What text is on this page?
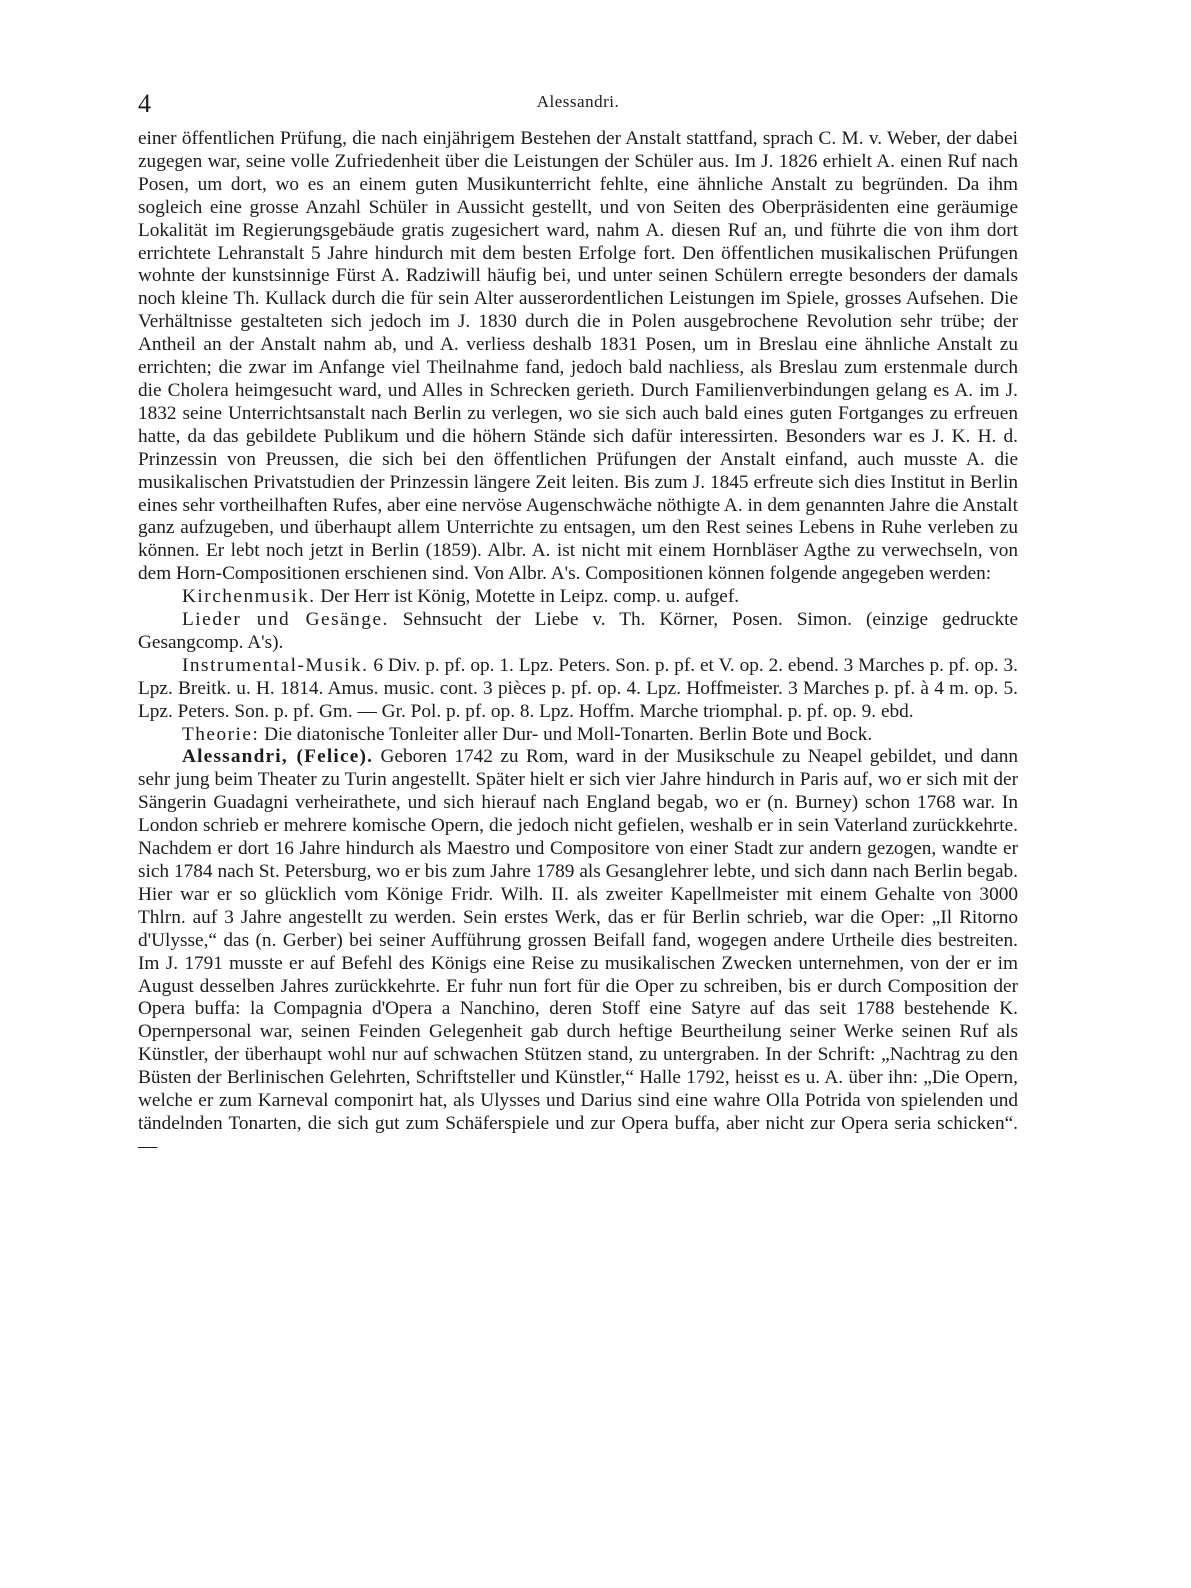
4	Alessandri.

einer öffentlichen Prüfung, die nach einjährigem Bestehen der Anstalt stattfand, sprach C. M. v. Weber, der dabei zugegen war, seine volle Zufriedenheit über die Leistungen der Schüler aus. Im J. 1826 erhielt A. einen Ruf nach Posen, um dort, wo es an einem guten Musikunterricht fehlte, eine ähnliche Anstalt zu begründen. Da ihm sogleich eine grosse Anzahl Schüler in Aussicht gestellt, und von Seiten des Oberpräsidenten eine geräumige Lokalität im Regierungsgebäude gratis zugesichert ward, nahm A. diesen Ruf an, und führte die von ihm dort errichtete Lehranstalt 5 Jahre hindurch mit dem besten Erfolge fort. Den öffentlichen musikalischen Prüfungen wohnte der kunstsinnige Fürst A. Radziwill häufig bei, und unter seinen Schülern erregte besonders der damals noch kleine Th. Kullack durch die für sein Alter ausserordentlichen Leistungen im Spiele, grosses Aufsehen. Die Verhältnisse gestalteten sich jedoch im J. 1830 durch die in Polen ausgebrochene Revolution sehr trübe; der Antheil an der Anstalt nahm ab, und A. verliess deshalb 1831 Posen, um in Breslau eine ähnliche Anstalt zu errichten; die zwar im Anfange viel Theilnahme fand, jedoch bald nachliess, als Breslau zum erstenmale durch die Cholera heimgesucht ward, und Alles in Schrecken gerieth. Durch Familienverbindungen gelang es A. im J. 1832 seine Unterrichtsanstalt nach Berlin zu verlegen, wo sie sich auch bald eines guten Fortganges zu erfreuen hatte, da das gebildete Publikum und die höhern Stände sich dafür interessirten. Besonders war es J. K. H. d. Prinzessin von Preussen, die sich bei den öffentlichen Prüfungen der Anstalt einfand, auch musste A. die musikalischen Privatstudien der Prinzessin längere Zeit leiten. Bis zum J. 1845 erfreute sich dies Institut in Berlin eines sehr vortheilhaften Rufes, aber eine nervöse Augenschwäche nöthigte A. in dem genannten Jahre die Anstalt ganz aufzugeben, und überhaupt allem Unterrichte zu entsagen, um den Rest seines Lebens in Ruhe verleben zu können. Er lebt noch jetzt in Berlin (1859). Albr. A. ist nicht mit einem Hornbläser Agthe zu verwechseln, von dem Horn-Compositionen erschienen sind. Von Albr. A's. Compositionen können folgende angegeben werden:

Kirchenmusik. Der Herr ist König, Motette in Leipz. comp. u. aufgef.

Lieder und Gesänge. Sehnsucht der Liebe v. Th. Körner, Posen. Simon. (einzige gedruckte Gesangcomp. A's).

Instrumental-Musik. 6 Div. p. pf. op. 1. Lpz. Peters. Son. p. pf. et V. op. 2. ebend. 3 Marches p. pf. op. 3. Lpz. Breitk. u. H. 1814. Amus. music. cont. 3 pièces p. pf. op. 4. Lpz. Hoffmeister. 3 Marches p. pf. à 4 m. op. 5. Lpz. Peters. Son. p. pf. Gm. — Gr. Pol. p. pf. op. 8. Lpz. Hoffm. Marche triomphal. p. pf. op. 9. ebd.

Theorie: Die diatonische Tonleiter aller Dur- und Moll-Tonarten. Berlin Bote und Bock.

Alessandri, (Felice). Geboren 1742 zu Rom, ward in der Musikschule zu Neapel gebildet, und dann sehr jung beim Theater zu Turin angestellt. Später hielt er sich vier Jahre hindurch in Paris auf, wo er sich mit der Sängerin Guadagni verheirathete, und sich hierauf nach England begab, wo er (n. Burney) schon 1768 war. In London schrieb er mehrere komische Opern, die jedoch nicht gefielen, weshalb er in sein Vaterland zurückkehrte. Nachdem er dort 16 Jahre hindurch als Maestro und Compositore von einer Stadt zur andern gezogen, wandte er sich 1784 nach St. Petersburg, wo er bis zum Jahre 1789 als Gesanglehrer lebte, und sich dann nach Berlin begab. Hier war er so glücklich vom Könige Fridr. Wilh. II. als zweiter Kapellmeister mit einem Gehalte von 3000 Thlrn. auf 3 Jahre angestellt zu werden. Sein erstes Werk, das er für Berlin schrieb, war die Oper: „Il Ritorno d'Ulysse,“ das (n. Gerber) bei seiner Aufführung grossen Beifall fand, wogegen andere Urtheile dies bestreiten. Im J. 1791 musste er auf Befehl des Königs eine Reise zu musikalischen Zwecken unternehmen, von der er im August desselben Jahres zurückkehrte. Er fuhr nun fort für die Oper zu schreiben, bis er durch Composition der Opera buffa: la Compagnia d'Opera a Nanchino, deren Stoff eine Satyre auf das seit 1788 bestehende K. Opernpersonal war, seinen Feinden Gelegenheit gab durch heftige Beurtheilung seiner Werke seinen Ruf als Künstler, der überhaupt wohl nur auf schwachen Stützen stand, zu untergraben. In der Schrift: „Nachtrag zu den Büsten der Berlinischen Gelehrten, Schriftsteller und Künstler,“ Halle 1792, heisst es u. A. über ihn: „Die Opern, welche er zum Karneval componirt hat, als Ulysses und Darius sind eine wahre Olla Potrida von spielenden und tändelnden Tonarten, die sich gut zum Schäferspiele und zur Opera buffa, aber nicht zur Opera seria schicken“. —
